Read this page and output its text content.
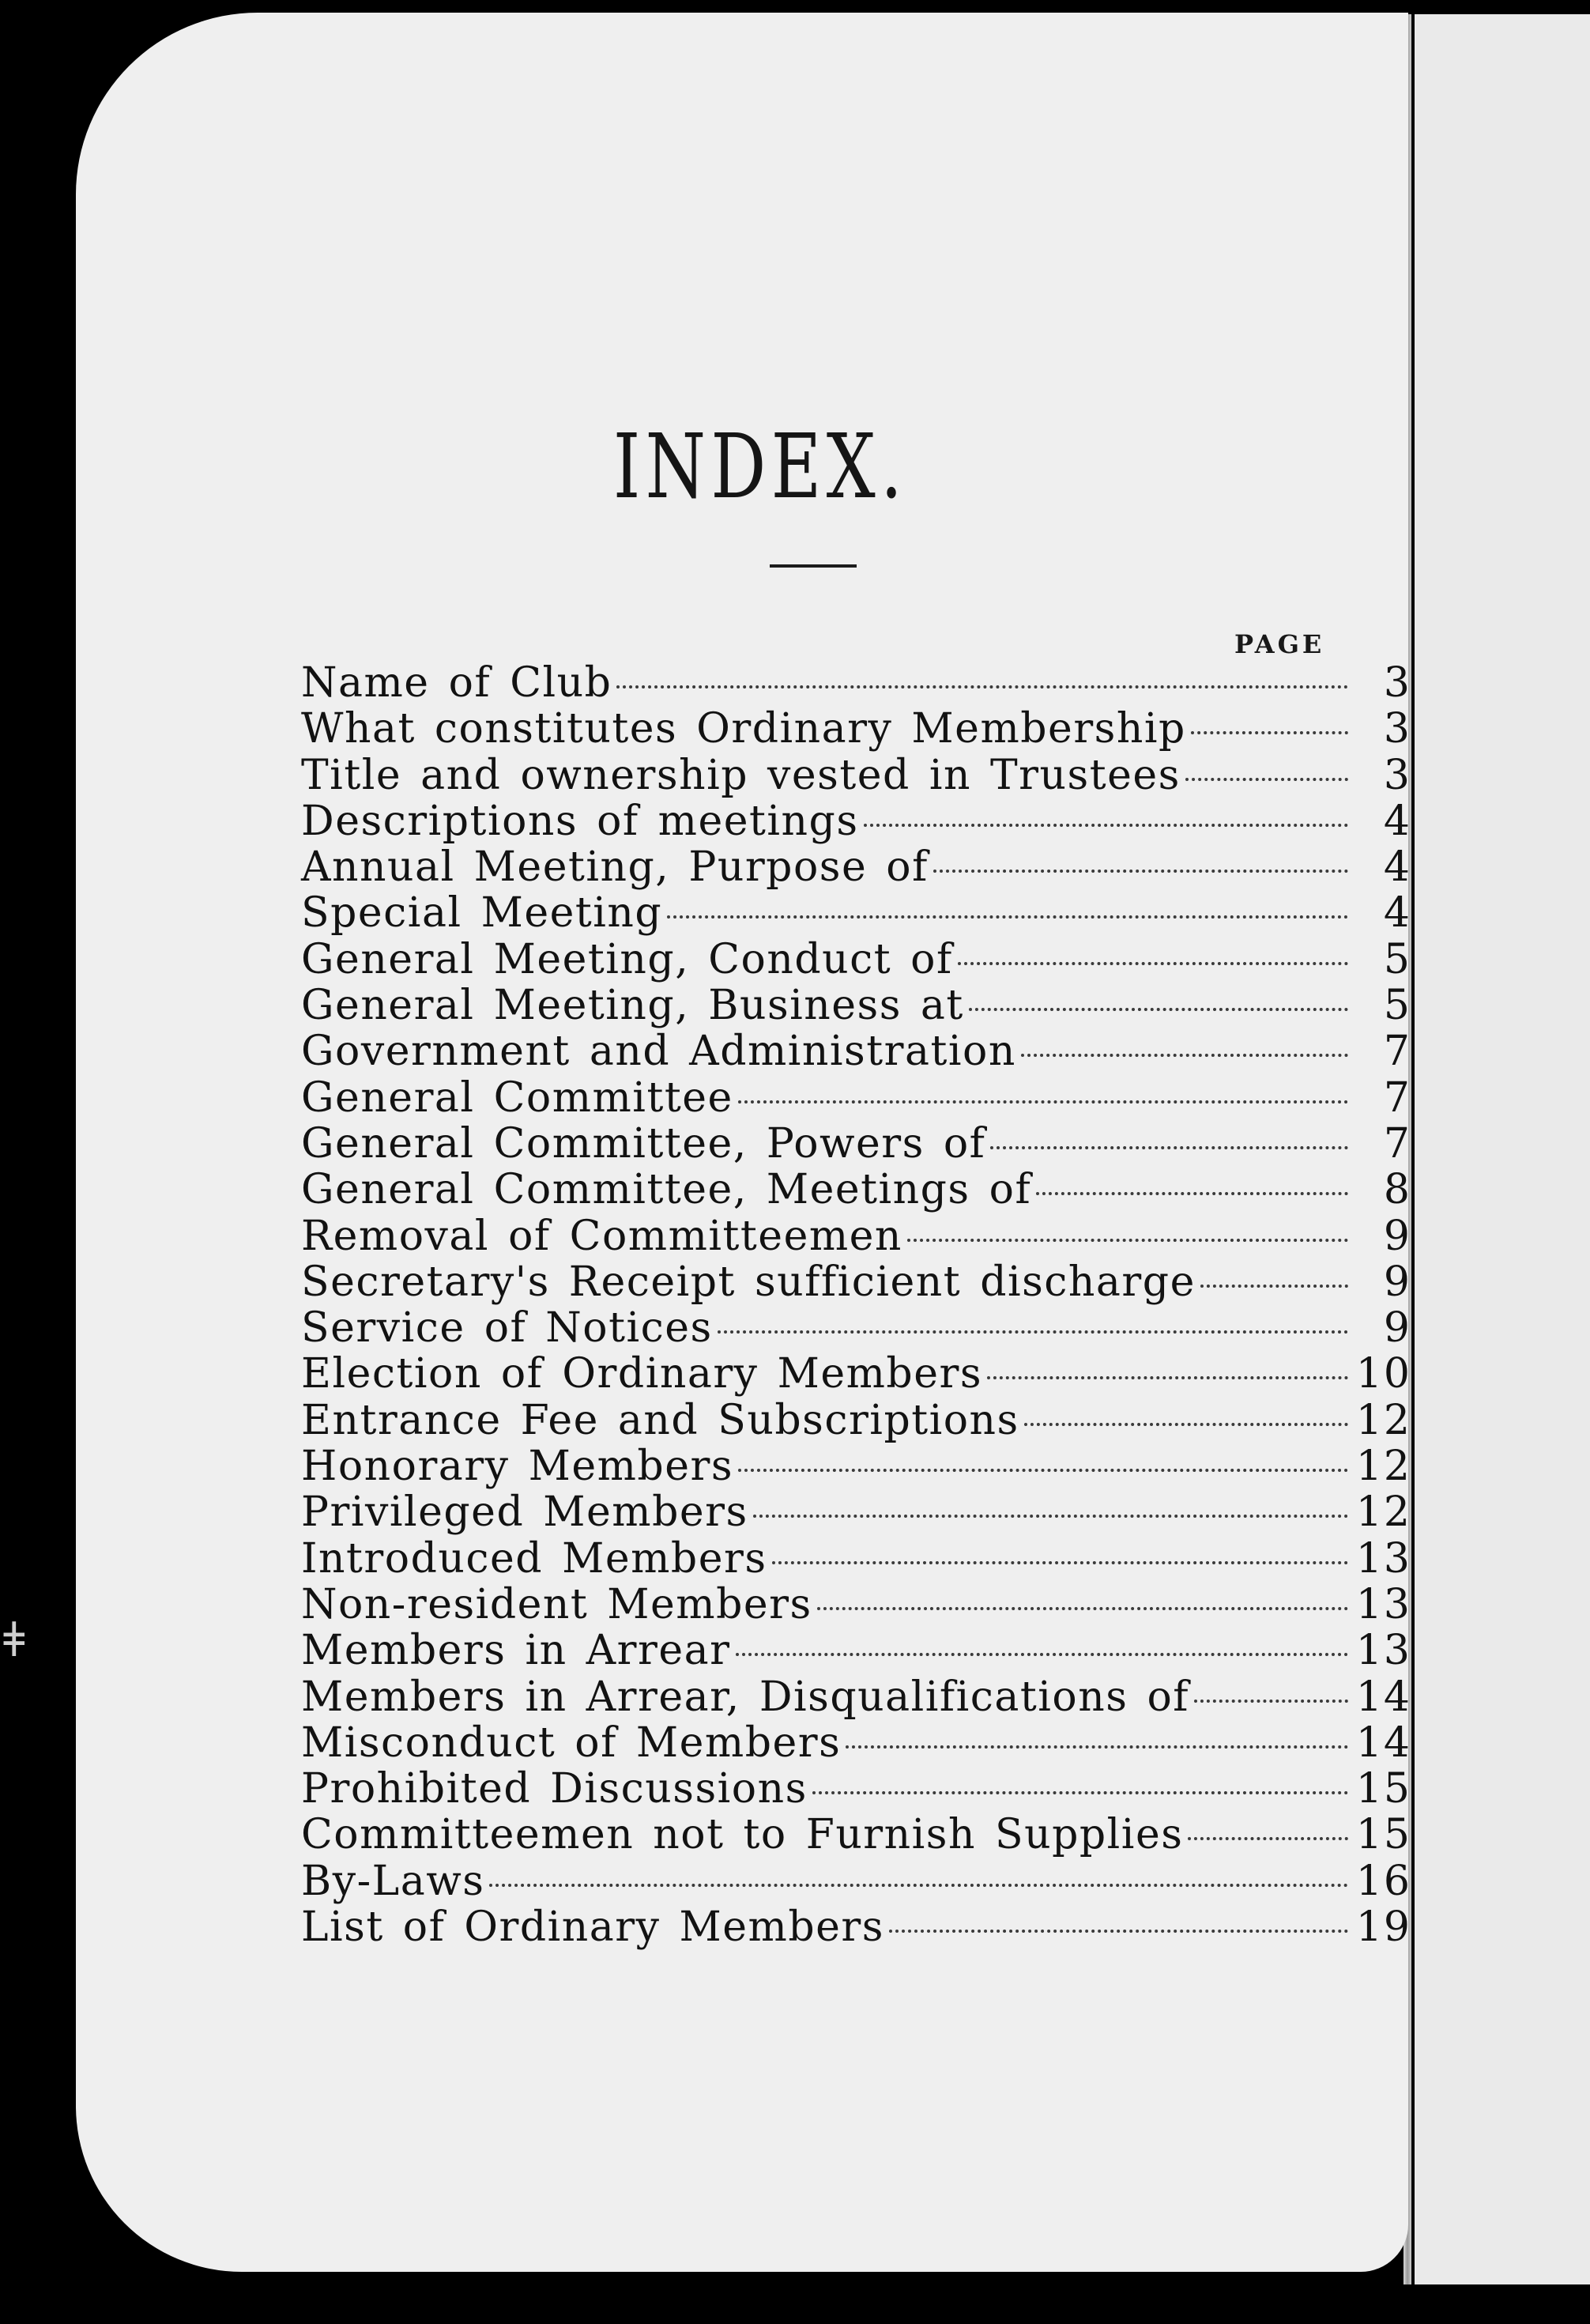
ǂ
INDEX.
PAGE
Name of Club	3
What constitutes Ordinary Membership	3
Title and ownership vested in Trustees	3
Descriptions of meetings	4
Annual Meeting, Purpose of	4
Special Meeting	4
General Meeting, Conduct of	5
General Meeting, Business at	5
Government and Administration	7
General Committee	7
General Committee, Powers of	7
General Committee, Meetings of	8
Removal of Committeemen	9
Secretary's Receipt sufficient discharge	9
Service of Notices	9
Election of Ordinary Members	10
Entrance Fee and Subscriptions	12
Honorary Members	12
Privileged Members	12
Introduced Members	13
Non-resident Members	13
Members in Arrear	13
Members in Arrear, Disqualifications of	14
Misconduct of Members	14
Prohibited Discussions	15
Committeemen not to Furnish Supplies	15
By-Laws	16
List of Ordinary Members	19
